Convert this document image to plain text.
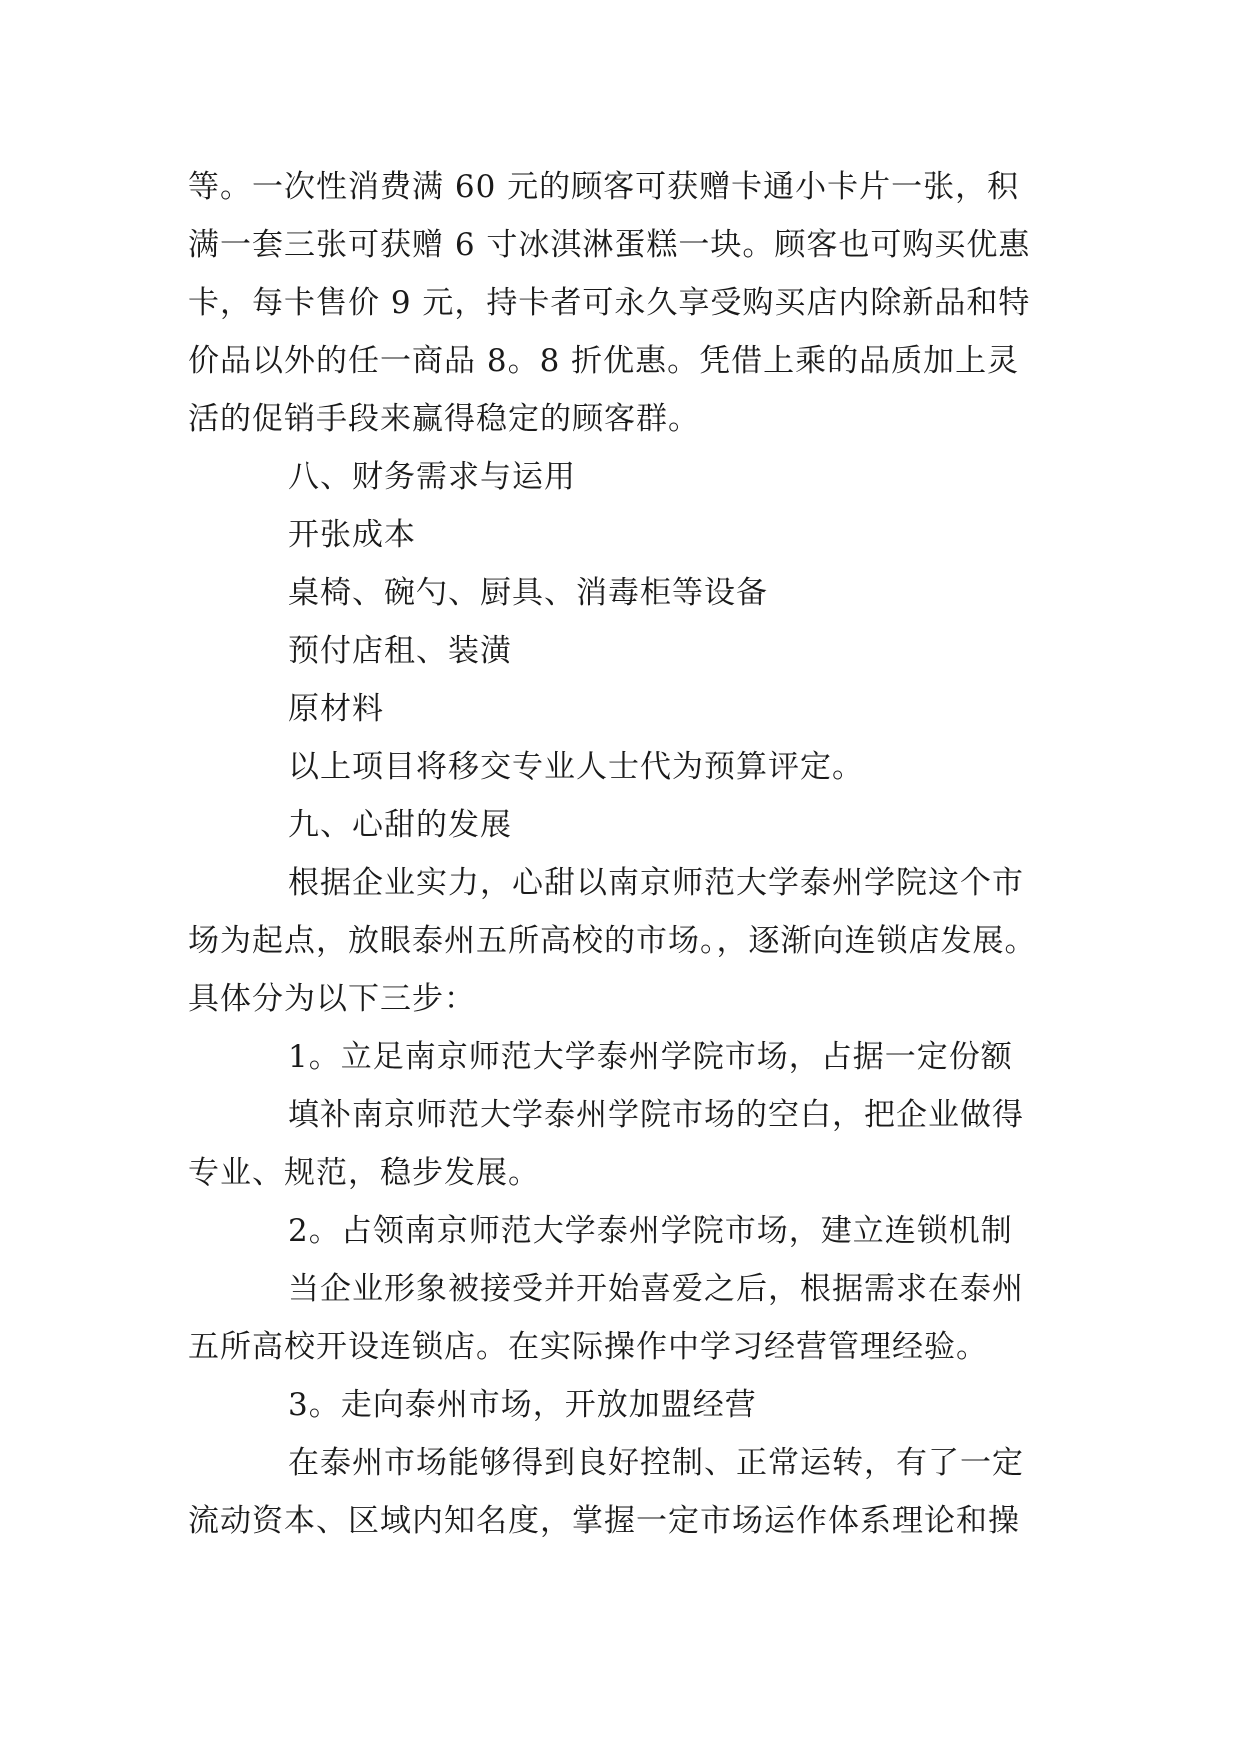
等。一次性消费满 60 元的顾客可获赠卡通小卡片一张，积
满一套三张可获赠 6 寸冰淇淋蛋糕一块。顾客也可购买优惠
卡，每卡售价 9 元，持卡者可永久享受购买店内除新品和特
价品以外的任一商品 8。8 折优惠。凭借上乘的品质加上灵
活的促销手段来赢得稳定的顾客群。
八、财务需求与运用
开张成本
桌椅、碗勺、厨具、消毒柜等设备
预付店租、装潢
原材料
以上项目将移交专业人士代为预算评定。
九、心甜的发展
根据企业实力，心甜以南京师范大学泰州学院这个市
场为起点，放眼泰州五所高校的市场。，逐渐向连锁店发展。
具体分为以下三步：
1。立足南京师范大学泰州学院市场，占据一定份额
填补南京师范大学泰州学院市场的空白，把企业做得
专业、规范，稳步发展。
2。占领南京师范大学泰州学院市场，建立连锁机制
当企业形象被接受并开始喜爱之后，根据需求在泰州
五所高校开设连锁店。在实际操作中学习经营管理经验。
3。走向泰州市场，开放加盟经营
在泰州市场能够得到良好控制、正常运转，有了一定
流动资本、区域内知名度，掌握一定市场运作体系理论和操
